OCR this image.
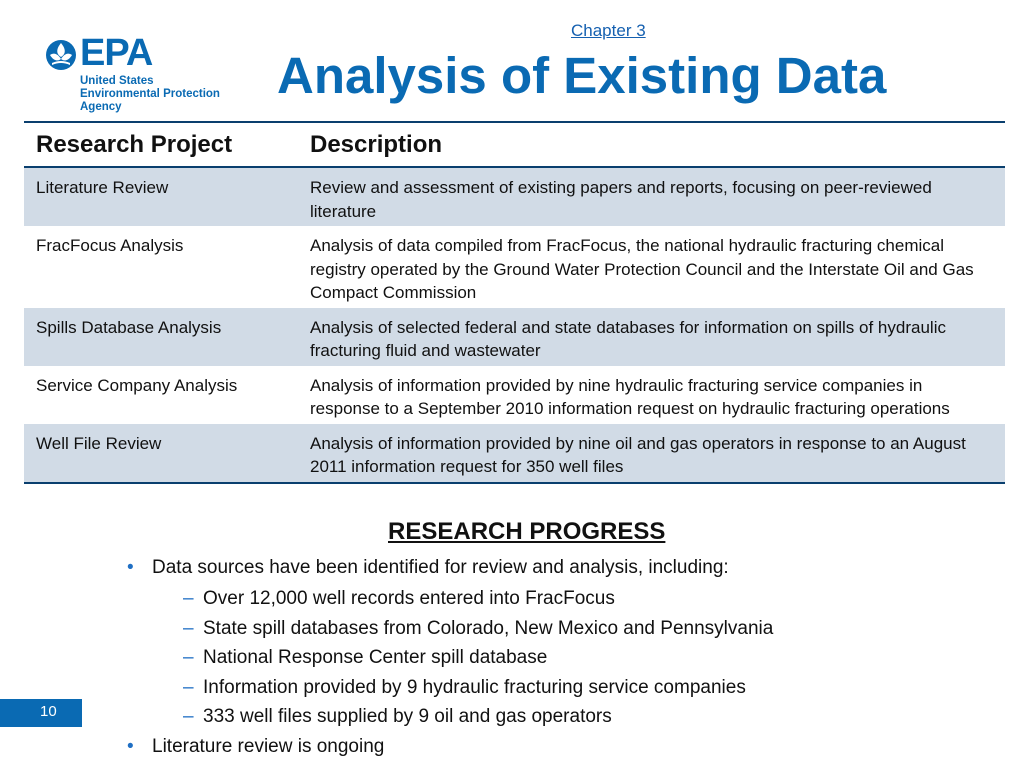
EPA
United States
Environmental Protection
Agency
Chapter 3
Analysis of Existing Data
Research Project	Description
Literature Review	Review and assessment of existing papers and reports, focusing on peer-reviewed literature
FracFocus Analysis	Analysis of data compiled from FracFocus, the national hydraulic fracturing chemical registry operated by the Ground Water Protection Council and the Interstate Oil and Gas Compact Commission
Spills Database Analysis	Analysis of selected federal and state databases for information on spills of hydraulic fracturing fluid and wastewater
Service Company Analysis	Analysis of information provided by nine hydraulic fracturing service companies in response to a September 2010 information request on hydraulic fracturing operations
Well File Review	Analysis of information provided by nine oil and gas operators in response to an August 2011 information request for 350 well files
RESEARCH PROGRESS
• Data sources have been identified for review and analysis, including:
– Over 12,000 well records entered into FracFocus
– State spill databases from Colorado, New Mexico and Pennsylvania
– National Response Center spill database
– Information provided by 9 hydraulic fracturing service companies
– 333 well files supplied by 9 oil and gas operators
• Literature review is ongoing
10
